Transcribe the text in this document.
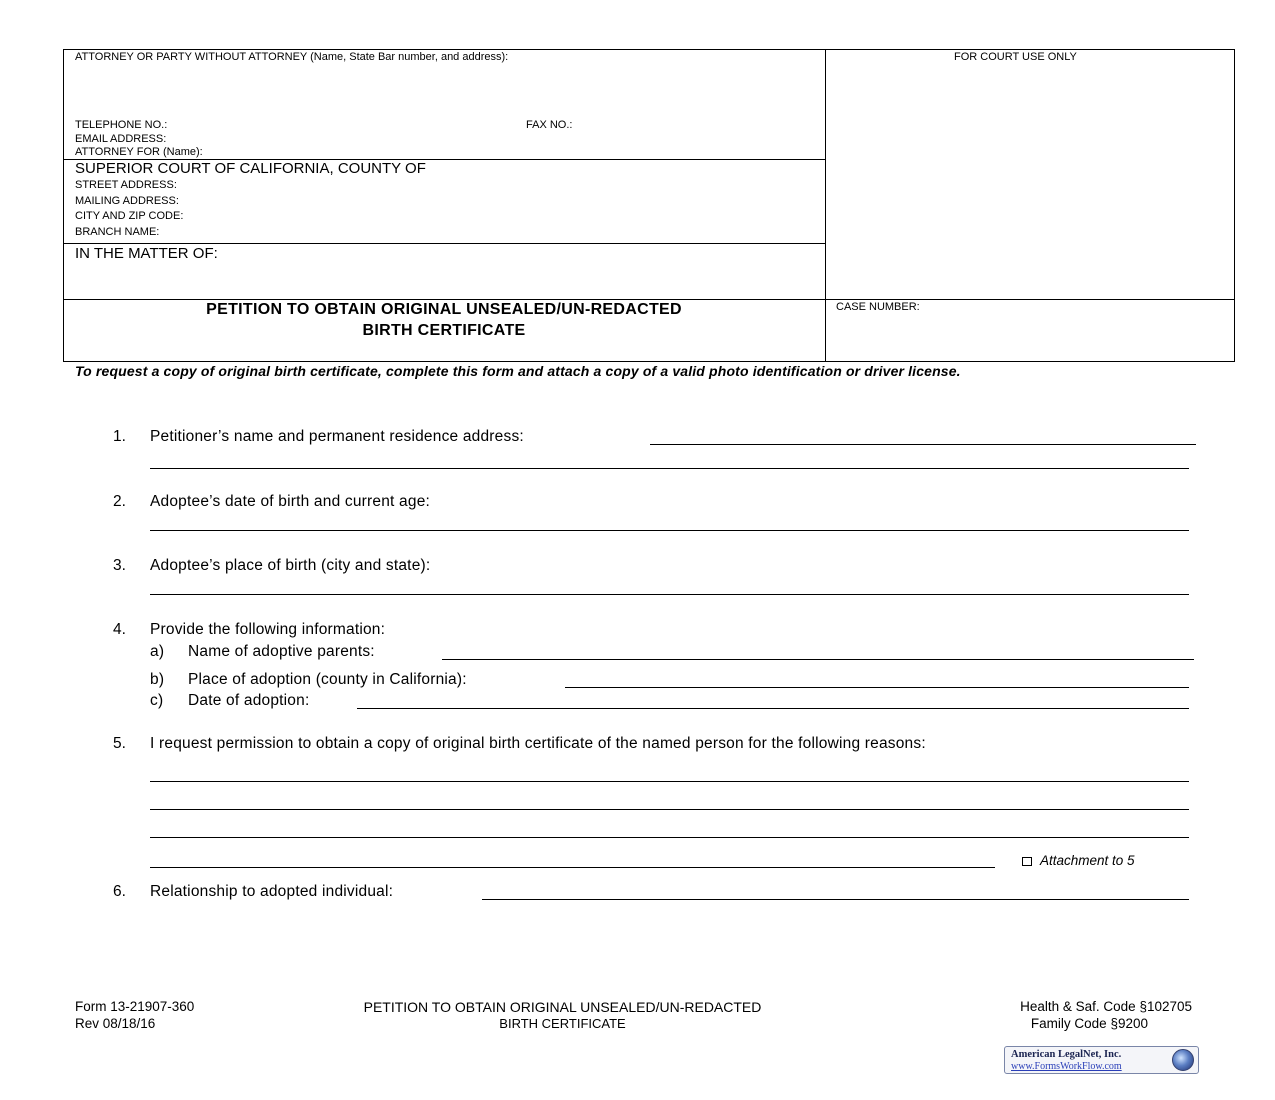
ATTORNEY OR PARTY WITHOUT ATTORNEY (Name, State Bar number, and address):	FOR COURT USE ONLY
TELEPHONE NO.:	FAX NO.:
EMAIL ADDRESS:
ATTORNEY FOR (Name):
SUPERIOR COURT OF CALIFORNIA, COUNTY OF
STREET ADDRESS:
MAILING ADDRESS:
CITY AND ZIP CODE:
BRANCH NAME:
IN THE MATTER OF:
PETITION TO OBTAIN ORIGINAL UNSEALED/UN-REDACTED
BIRTH CERTIFICATE
CASE NUMBER:
To request a copy of original birth certificate, complete this form and attach a copy of a valid photo identification or driver license.
1. Petitioner’s name and permanent residence address:
2. Adoptee’s date of birth and current age:
3. Adoptee’s place of birth (city and state):
4. Provide the following information:
a) Name of adoptive parents:
b) Place of adoption (county in California):
c) Date of adoption:
5. I request permission to obtain a copy of original birth certificate of the named person for the following reasons:
Attachment to 5
6. Relationship to adopted individual:
Form 13-21907-360
Rev 08/18/16
PETITION TO OBTAIN ORIGINAL UNSEALED/UN-REDACTED
BIRTH CERTIFICATE
Health & Saf. Code §102705
Family Code §9200
American LegalNet, Inc.
www.FormsWorkFlow.com
